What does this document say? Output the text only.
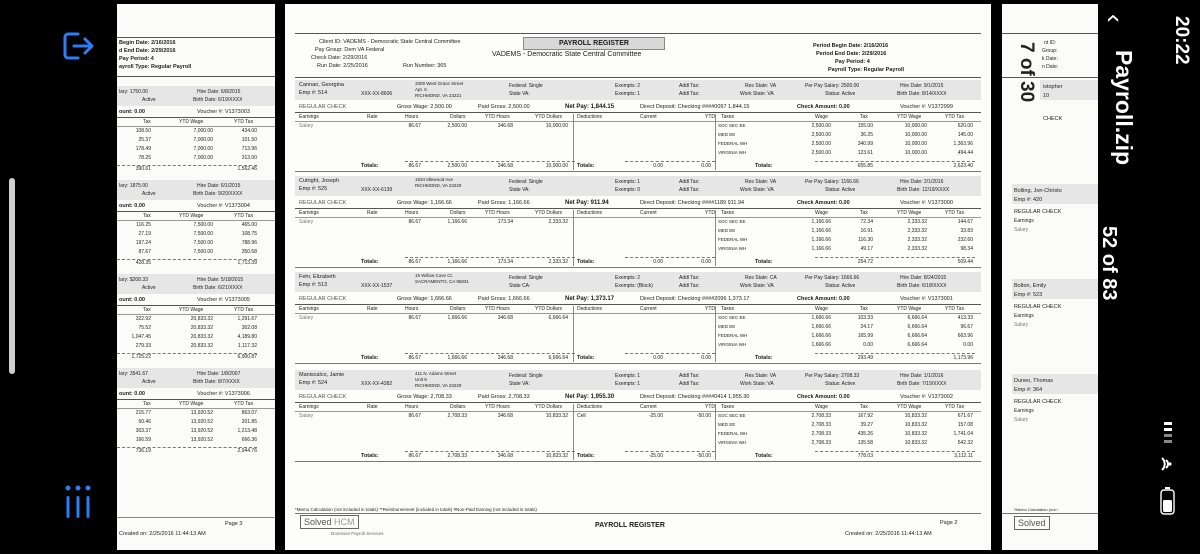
20:22
‹
Payroll.zip
52 of 83
7 of 30
Begin Date: 2/16/2016
d End Date: 2/29/2016
Pay Period: 4
ayroll Type: Regular Payroll
Page 3
Created on: 2/25/2016 11:44:13 AM
lary: 1750.00
Active
Hire Date: 6/8/2015
Birth Date: 6/19/XXXX
ount: 0.00	Voucher #: V1373003
Tax	YTD Wage	YTD Tax
108.50	7,000.00	434.00
25.37	7,000.00	101.50
178.49	7,000.00	713.96
78.25	7,000.00	313.00
390.61	1,562.46
lary: 1875.00
Active
Hire Date: 6/1/2015
Birth Date: 9/20/XXXX
ount: 0.00	Voucher #: V1373004
Tax	YTD Wage	YTD Tax
116.25	7,500.00	465.00
27.19	7,500.00	108.75
197.24	7,500.00	788.96
87.67	7,500.00	350.68
428.35	1,713.39
lary: $208.33
Active
Hire Date: 5/18/2015
Birth Date: 6/21/XXXX
ount: 0.00	Voucher #: V1373005
Tax	YTD Wage	YTD Tax
322.92	20,833.32	1,291.67
75.52	20,833.32	302.08
1,047.45	20,833.32	4,189.80
279.33	20,833.32	1,117.32
1,725.22	6,900.87
lary: 3541.67
Active
Hire Date: 1/8/2007
Birth Date: 8/7/XXXX
ount: 0.00	Voucher #: V1373006
Tax	YTD Wage	YTD Tax
215.77	13,920.52	863.07
50.46	13,920.52	201.85
303.37	13,920.52	1,213.48
166.59	13,920.52	666.36
736.19	2,944.76
Client ID: VADEMS - Democratic State Central Committee
Pay Group: Dem VA Federal
Check Date: 2/29/2016
Run Date: 2/25/2016	Run Number: 365
PAYROLL REGISTER
VADEMS - Democratic State Central Committee
Period Begin Date: 2/16/2016
Period End Date: 2/29/2016
Pay Period: 4
Payroll Type: Regular Payroll
*Memo Calculation (not included in totals) **Reimbursement (included in totals) #Non-Paid Earning (not included in totals)
Solved HCM
Dominion Payroll Services
PAYROLL REGISTER	Page 2
Created on: 2/25/2016 11:44:13 AM
Cannan, Georgina
Emp #: 514	XXX-XX-8606
3309 West Grace Street
Apt. 6
RICHMOND, VA 23221
Federal: Single
State VA:
Exempts: 2
Exempts: 1
Addl Tax:
Addl Tax:
Res State: VA
Work State: VA
Per Pay Salary: 2500.00
Status: Active
Hire Date: 9/1/2015
Birth Date: 8/14/XXXX
REGULAR CHECK	Gross Wage: 2,500.00	Paid Gross: 2,500.00	Net Pay: 1,844.15	Direct Deposit: Checking ####0097 1,844.15	Check Amount: 0.00	Voucher #: V1372999
Earnings	Rate	Hours	Dollars	YTD Hours	YTD Dollars	Deductions	Current	YTD Taxes	Wage	Tax	YTD Wage	YTD Tax
Salary	86.67	2,500.00	346.68	10,000.00	SOC SEC EE	2,500.00	155.00	10,000.00	620.00
MED EE	2,500.00	36.25	10,000.00	145.00
FEDERAL WH	2,500.00	340.99	10,000.00	1,363.96
VIRGINIA WH	2,500.00	123.61	10,000.00	494.44
Totals:	86.67	2,500.00	346.68	10,000.00 Totals:	0.00	0.00	Totals:	655.85	2,623.40
Cutright, Joseph
Emp #: 525	XXX-XX-6139
1834 Idlewood Ave
RICHMOND, VA 23220
Federal: Single
State VA:
Exempts: 1
Exempts: 0
Addl Tax:
Addl Tax:
Res State: VA
Work State: VA
Per Pay Salary: 1166.66
Status: Active
Hire Date: 2/1/2016
Birth Date: 12/19/XXXX
REGULAR CHECK	Gross Wage: 1,166.66	Paid Gross: 1,166.66	Net Pay: 911.94	Direct Deposit: Checking ####1189 911.94	Check Amount: 0.00	Voucher #: V1373000
Earnings	Rate	Hours	Dollars	YTD Hours	YTD Dollars	Deductions	Current	YTD Taxes	Wage	Tax	YTD Wage	YTD Tax
Salary	86.67	1,166.66	173.34	2,333.32	SOC SEC EE	1,166.66	72.34	2,333.32	144.67
MED EE	1,166.66	16.91	2,333.32	33.83
FEDERAL WH	1,166.66	116.30	2,333.32	232.60
VIRGINIA WH	1,166.66	49.17	2,333.32	98.34
Totals:	86.67	1,166.66	173.34	2,333.32 Totals:	0.00	0.00	Totals:	254.72	509.44
Fehr, Elizabeth
Emp #: 513	XXX-XX-1537
15 Willow Cove Ct.
SACRAMENTO, CA 95831
Federal: Single
State CA:
Exempts: 2
Exempts: (Block)
Addl Tax:
Addl Tax:
Res State: CA
Work State: VA
Per Pay Salary: 1666.66
Status: Active
Hire Date: 8/24/2015
Birth Date: 6/18/XXXX
REGULAR CHECK	Gross Wage: 1,666.66	Paid Gross: 1,666.66	Net Pay: 1,373.17	Direct Deposit: Checking ####2096 1,373.17	Check Amount: 0.00	Voucher #: V1373001
Earnings	Rate	Hours	Dollars	YTD Hours	YTD Dollars	Deductions	Current	YTD Taxes	Wage	Tax	YTD Wage	YTD Tax
Salary	86.67	1,666.66	346.68	6,666.64	SOC SEC EE	1,666.66	103.33	6,666.64	413.33
MED EE	1,666.66	24.17	6,666.64	96.67
FEDERAL WH	1,666.66	165.99	6,666.64	663.96
VIRGINIA WH	1,666.66	0.00	6,666.64	0.00
Totals:	86.67	1,666.66	346.68	6,666.64 Totals:	0.00	0.00	Totals:	293.49	1,173.96
Maniscalco, Jamie
Emp #: 524	XXX-XX-4382
411 N. Adams Street
Unit 9
RICHMOND, VA 23220
Federal: Single
State VA:
Exempts: 1
Exempts: 1
Addl Tax:
Addl Tax:
Res State: VA
Work State: VA
Per Pay Salary: 2708.33
Status: Active
Hire Date: 1/1/2016
Birth Date: 7/19/XXXX
REGULAR CHECK	Gross Wage: 2,708.33	Paid Gross: 2,708.33	Net Pay: 1,955.30	Direct Deposit: Checking ####0414 1,955.30	Check Amount: 0.00	Voucher #: V1373002
Earnings	Rate	Hours	Dollars	YTD Hours	YTD Dollars	Deductions	Current	YTD Taxes	Wage	Tax	YTD Wage	YTD Tax
Salary	86.67	2,708.33	346.68	10,833.32 Cell	-25.00	-50.00 SOC SEC EE	2,708.33	167.92	10,833.32	671.67
MED EE	2,708.33	39.27	10,833.32	157.08
FEDERAL WH	2,708.33	435.26	10,833.32	1,741.04
VIRGINIA WH	2,708.33	135.58	10,833.32	542.32
Totals:	86.67	2,708.33	346.68	10,833.32 Totals:	-25.00	-50.00	Totals:	778.03	3,112.11
nt ID:
Group:
k Date:
n Date:
istopher
10
CHECK
Bolling, Jon-Christo
Emp #: 420
REGULAR CHECK
Earnings
Salary
Bolton, Emily
Emp #: 523
REGULAR CHECK
Earnings
Salary
Duneo, Thomas
Emp #: 364
REGULAR CHECK
Earnings
Salary
*Memo Calculation (not i
Solved
